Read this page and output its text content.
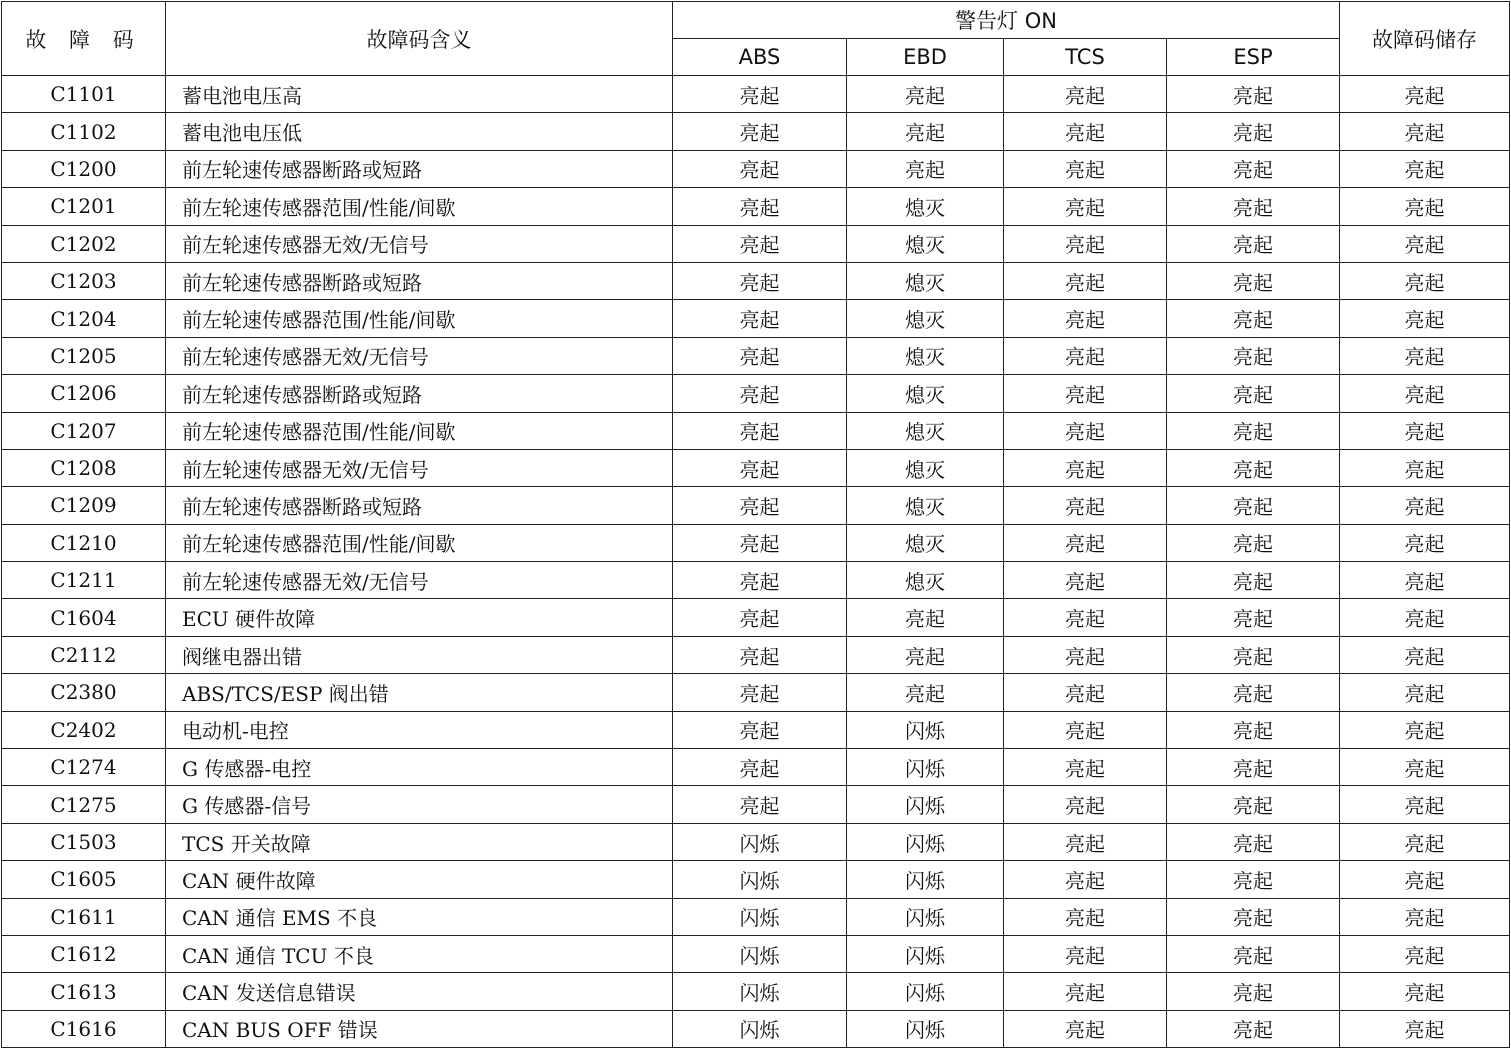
故 障 码	故障码含义	警告灯 ON				故障码储存
		ABS	EBD	TCS	ESP	
C1101	蓄电池电压高	亮起	亮起	亮起	亮起	亮起
C1102	蓄电池电压低	亮起	亮起	亮起	亮起	亮起
C1200	前左轮速传感器断路或短路	亮起	亮起	亮起	亮起	亮起
C1201	前左轮速传感器范围/性能/间歇	亮起	熄灭	亮起	亮起	亮起
C1202	前左轮速传感器无效/无信号	亮起	熄灭	亮起	亮起	亮起
C1203	前左轮速传感器断路或短路	亮起	熄灭	亮起	亮起	亮起
C1204	前左轮速传感器范围/性能/间歇	亮起	熄灭	亮起	亮起	亮起
C1205	前左轮速传感器无效/无信号	亮起	熄灭	亮起	亮起	亮起
C1206	前左轮速传感器断路或短路	亮起	熄灭	亮起	亮起	亮起
C1207	前左轮速传感器范围/性能/间歇	亮起	熄灭	亮起	亮起	亮起
C1208	前左轮速传感器无效/无信号	亮起	熄灭	亮起	亮起	亮起
C1209	前左轮速传感器断路或短路	亮起	熄灭	亮起	亮起	亮起
C1210	前左轮速传感器范围/性能/间歇	亮起	熄灭	亮起	亮起	亮起
C1211	前左轮速传感器无效/无信号	亮起	熄灭	亮起	亮起	亮起
C1604	ECU 硬件故障	亮起	亮起	亮起	亮起	亮起
C2112	阀继电器出错	亮起	亮起	亮起	亮起	亮起
C2380	ABS/TCS/ESP 阀出错	亮起	亮起	亮起	亮起	亮起
C2402	电动机-电控	亮起	闪烁	亮起	亮起	亮起
C1274	G 传感器-电控	亮起	闪烁	亮起	亮起	亮起
C1275	G 传感器-信号	亮起	闪烁	亮起	亮起	亮起
C1503	TCS 开关故障	闪烁	闪烁	亮起	亮起	亮起
C1605	CAN 硬件故障	闪烁	闪烁	亮起	亮起	亮起
C1611	CAN 通信 EMS 不良	闪烁	闪烁	亮起	亮起	亮起
C1612	CAN 通信 TCU 不良	闪烁	闪烁	亮起	亮起	亮起
C1613	CAN 发送信息错误	闪烁	闪烁	亮起	亮起	亮起
C1616	CAN BUS OFF 错误	闪烁	闪烁	亮起	亮起	亮起
